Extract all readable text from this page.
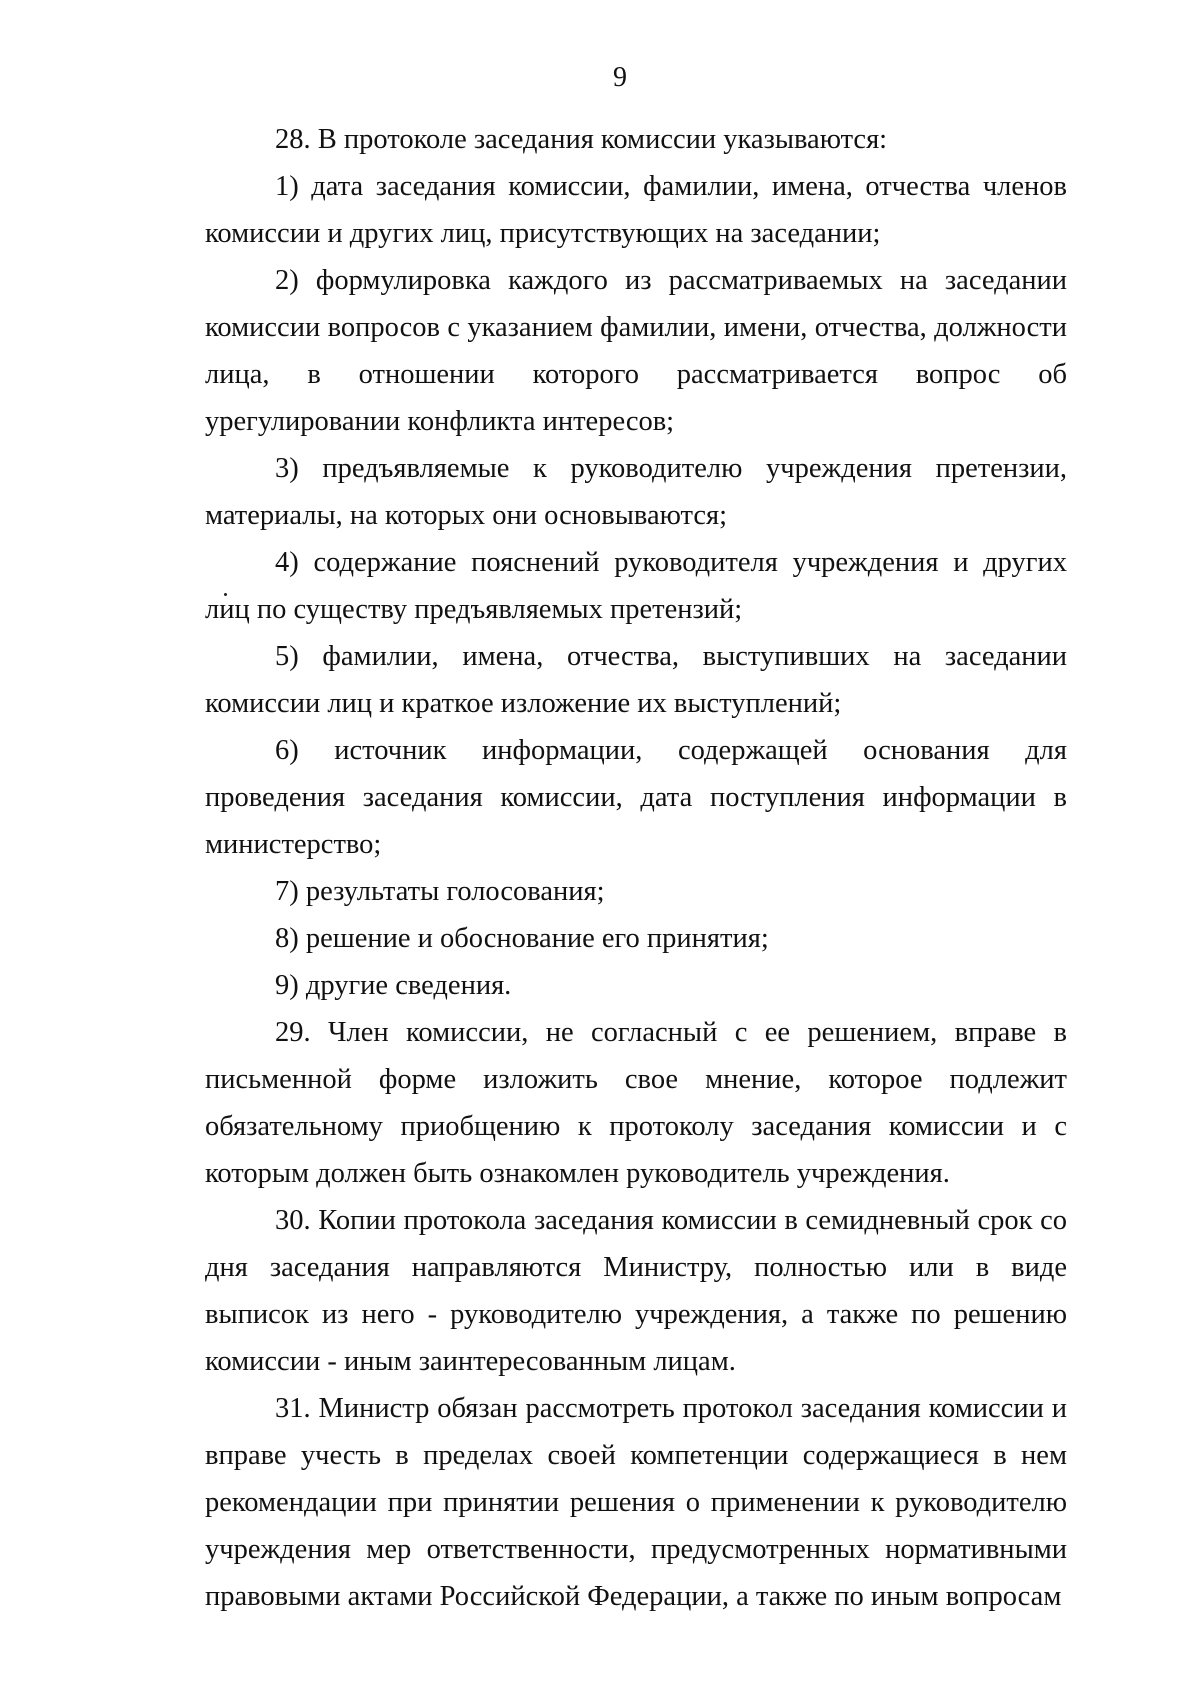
9

28. В протоколе заседания комиссии указываются:

1) дата заседания комиссии, фамилии, имена, отчества членов комиссии и других лиц, присутствующих на заседании;

2) формулировка каждого из рассматриваемых на заседании комиссии вопросов с указанием фамилии, имени, отчества, должности лица, в отношении которого рассматривается вопрос об урегулировании конфликта интересов;

3) предъявляемые к руководителю учреждения претензии, материалы, на которых они основываются;

4) содержание пояснений руководителя учреждения и других лиц по существу предъявляемых претензий;

5) фамилии, имена, отчества, выступивших на заседании комиссии лиц и краткое изложение их выступлений;

6) источник информации, содержащей основания для проведения заседания комиссии, дата поступления информации в министерство;

7) результаты голосования;

8) решение и обоснование его принятия;

9) другие сведения.

29. Член комиссии, не согласный с ее решением, вправе в письменной форме изложить свое мнение, которое подлежит обязательному приобщению к протоколу заседания комиссии и с которым должен быть ознакомлен руководитель учреждения.

30. Копии протокола заседания комиссии в семидневный срок со дня заседания направляются Министру, полностью или в виде выписок из него - руководителю учреждения, а также по решению комиссии - иным заинтересованным лицам.

31. Министр обязан рассмотреть протокол заседания комиссии и вправе учесть в пределах своей компетенции содержащиеся в нем рекомендации при принятии решения о применении к руководителю учреждения мер ответственности, предусмотренных нормативными правовыми актами Российской Федерации, а также по иным вопросам
